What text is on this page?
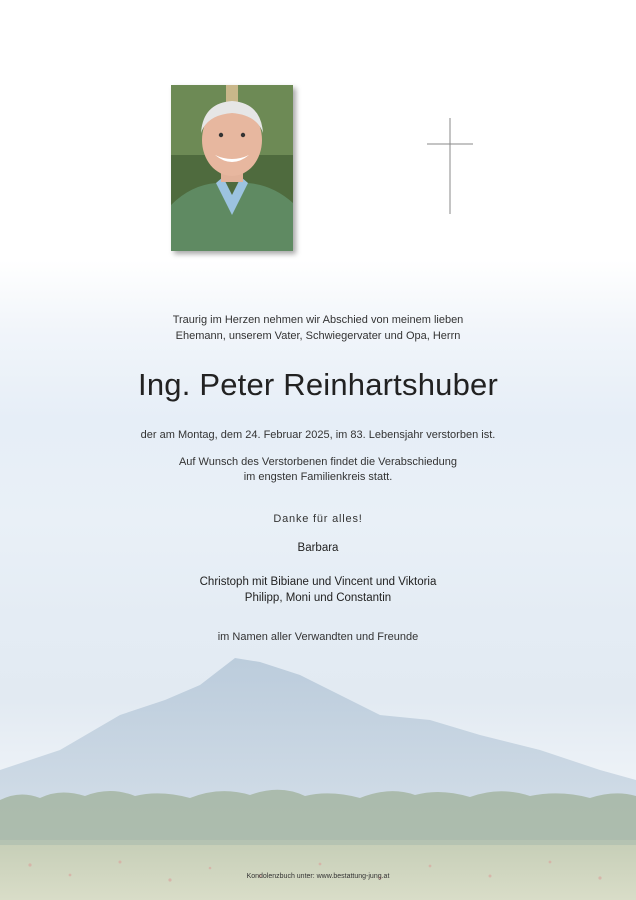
Traurig im Herzen nehmen wir Abschied von meinem lieben
Ehemann, unserem Vater, Schwiegervater und Opa, Herrn
Ing. Peter Reinhartshuber
der am Montag, dem 24. Februar 2025, im 83. Lebensjahr verstorben ist.
Auf Wunsch des Verstorbenen findet die Verabschiedung
im engsten Familienkreis statt.
Danke für alles!
Barbara
Christoph mit Bibiane und Vincent und Viktoria
Philipp, Moni und Constantin
im Namen aller Verwandten und Freunde
Kondolenzbuch unter: www.bestattung-jung.at
